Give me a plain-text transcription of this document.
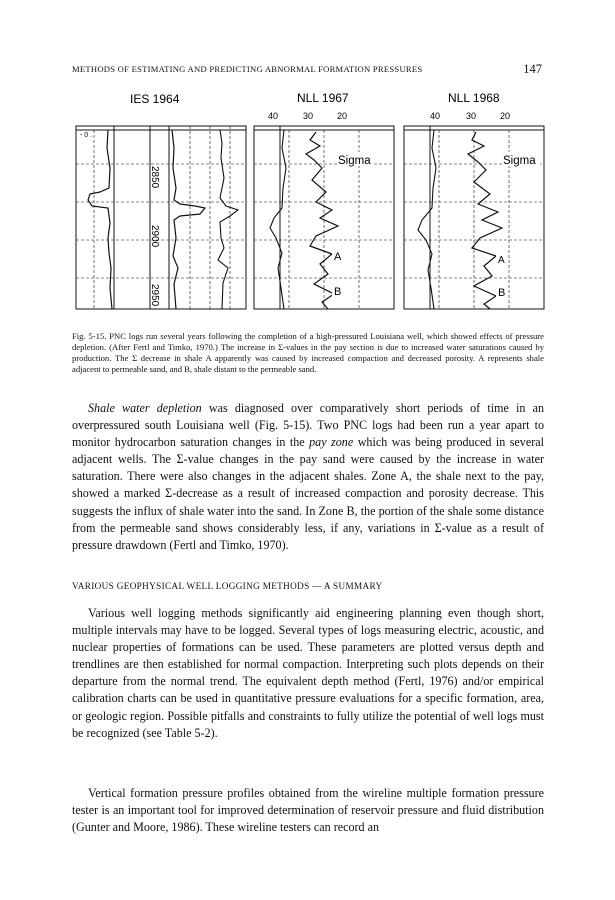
METHODS OF ESTIMATING AND PREDICTING ABNORMAL FORMATION PRESSURES	147
IES 1964	NLL 1967	NLL 1968
40	30	20	40	30	20
2850
2900
2950
- 0 .
Sigma
A
B
Sigma
A
B

Fig. 5-15. PNC logs run several years following the completion of a high-pressured Louisiana well, which showed effects of pressure depletion. (After Fertl and Timko, 1970.) The increase in Σ-values in the pay section is due to increased water saturations caused by production. The Σ decrease in shale A apparently was caused by increased compaction and decreased porosity. A represents shale adjacent to permeable sand, and B, shale distant to the permeable sand.

Shale water depletion was diagnosed over comparatively short periods of time in an overpressured south Louisiana well (Fig. 5-15). Two PNC logs had been run a year apart to monitor hydrocarbon saturation changes in the pay zone which was being produced in several adjacent wells. The Σ-value changes in the pay sand were caused by the increase in water saturation. There were also changes in the adjacent shales. Zone A, the shale next to the pay, showed a marked Σ-decrease as a result of increased compaction and porosity decrease. This suggests the influx of shale water into the sand. In Zone B, the portion of the shale some distance from the permeable sand shows considerably less, if any, variations in Σ-value as a result of pressure drawdown (Fertl and Timko, 1970).

VARIOUS GEOPHYSICAL WELL LOGGING METHODS — A SUMMARY

Various well logging methods significantly aid engineering planning even though short, multiple intervals may have to be logged. Several types of logs measuring electric, acoustic, and nuclear properties of formations can be used. These parameters are plotted versus depth and trendlines are then established for normal compaction. Interpreting such plots depends on their departure from the normal trend. The equivalent depth method (Fertl, 1976) and/or empirical calibration charts can be used in quantitative pressure evaluations for a specific formation, area, or geologic region. Possible pitfalls and constraints to fully utilize the potential of well logs must be recognized (see Table 5-2).

Vertical formation pressure profiles obtained from the wireline multiple formation pressure tester is an important tool for improved determination of reservoir pressure and fluid distribution (Gunter and Moore, 1986). These wireline testers can record an
